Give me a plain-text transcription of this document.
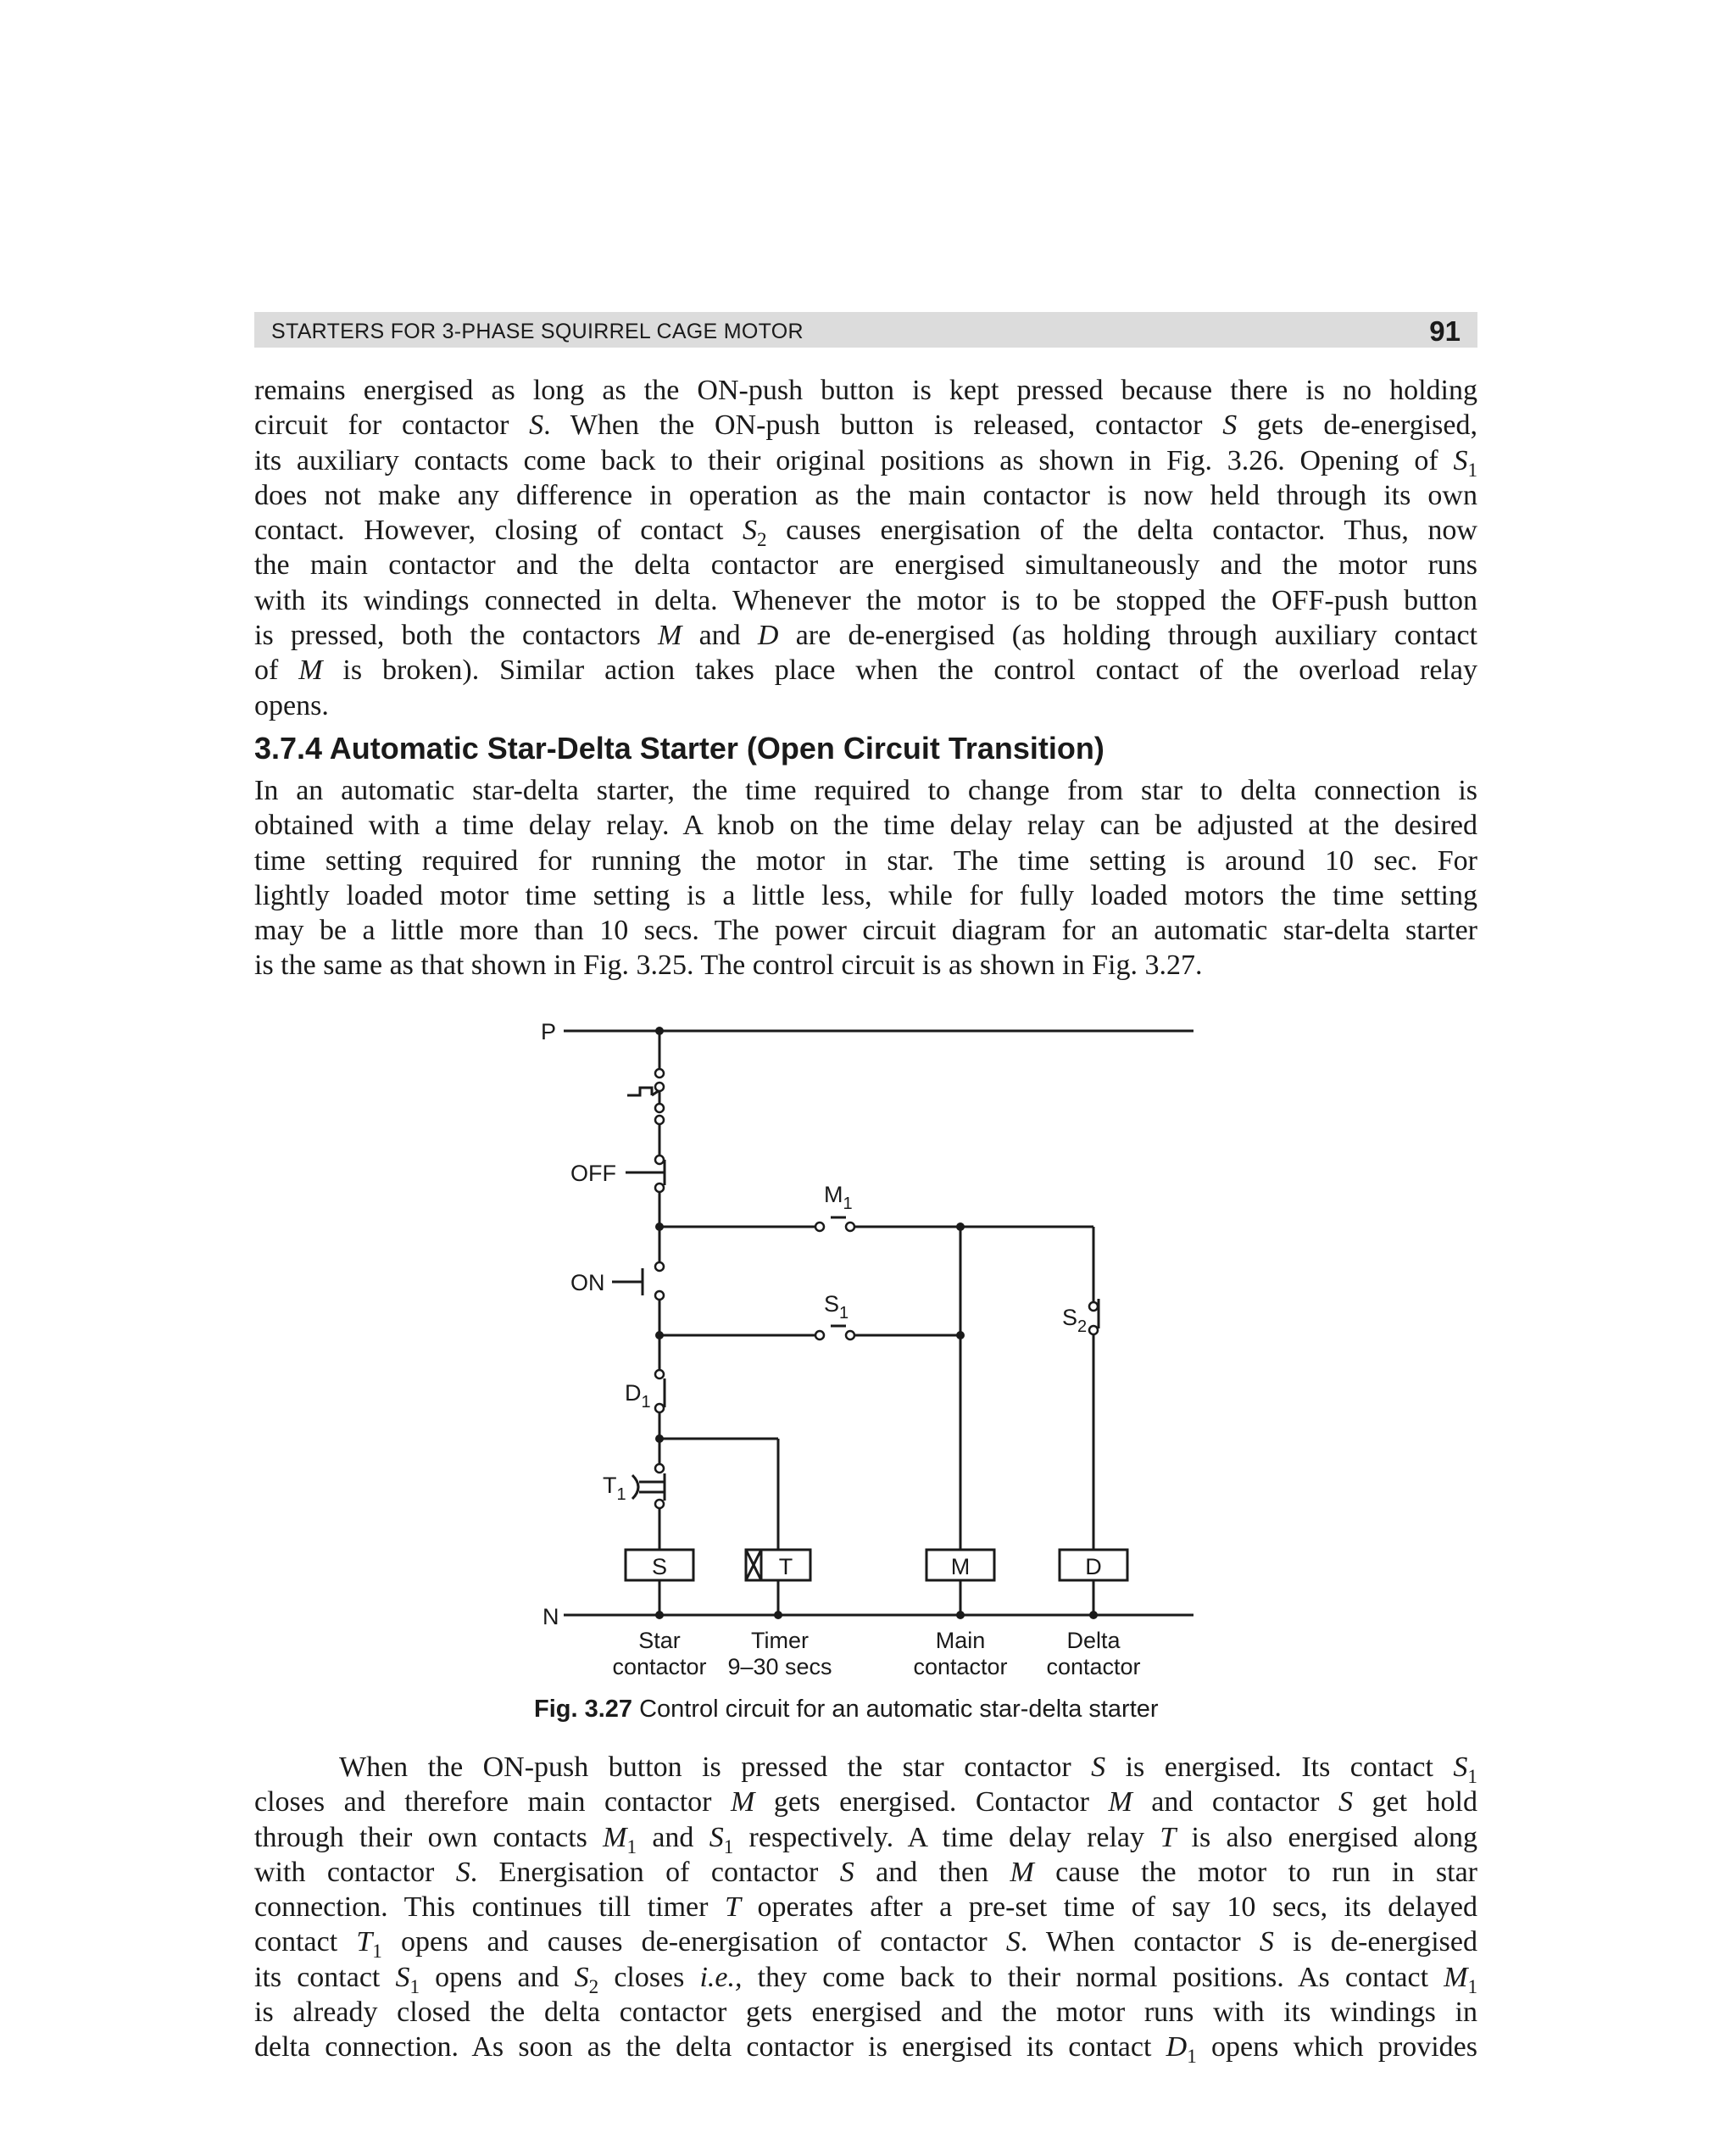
STARTERS FOR 3-PHASE SQUIRREL CAGE MOTOR	91
remains energised as long as the ON-push button is kept pressed because there is no holding
circuit for contactor S. When the ON-push button is released, contactor S gets de-energised,
its auxiliary contacts come back to their original positions as shown in Fig. 3.26. Opening of $S_1$
does not make any difference in operation as the main contactor is now held through its own
contact. However, closing of contact $S_2$ causes energisation of the delta contactor. Thus, now
the main contactor and the delta contactor are energised simultaneously and the motor runs
with its windings connected in delta. Whenever the motor is to be stopped the OFF-push button
is pressed, both the contactors M and D are de-energised (as holding through auxiliary contact
of M is broken). Similar action takes place when the control contact of the overload relay
opens.
3.7.4 Automatic Star-Delta Starter (Open Circuit Transition)
In an automatic star-delta starter, the time required to change from star to delta connection is
obtained with a time delay relay. A knob on the time delay relay can be adjusted at the desired
time setting required for running the motor in star. The time setting is around 10 sec. For
lightly loaded motor time setting is a little less, while for fully loaded motors the time setting
may be a little more than 10 secs. The power circuit diagram for an automatic star-delta starter
is the same as that shown in Fig. 3.25. The control circuit is as shown in Fig. 3.27.
P
N
OFF
ON
$M_1$
$S_1$	$S_2$
$D_1$
$T_1$
S	T	M	D
Star
contactor
Timer
9–30 secs
Main
contactor
Delta
contactor
Fig. 3.27 Control circuit for an automatic star-delta starter
When the ON-push button is pressed the star contactor S is energised. Its contact $S_1$
closes and therefore main contactor M gets energised. Contactor M and contactor S get hold
through their own contacts $M_1$ and $S_1$ respectively. A time delay relay T is also energised along
with contactor S. Energisation of contactor S and then M cause the motor to run in star
connection. This continues till timer T operates after a pre-set time of say 10 secs, its delayed
contact $T_1$ opens and causes de-energisation of contactor S. When contactor S is de-energised
its contact $S_1$ opens and $S_2$ closes i.e., they come back to their normal positions. As contact $M_1$
is already closed the delta contactor gets energised and the motor runs with its windings in
delta connection. As soon as the delta contactor is energised its contact $D_1$ opens which provides
